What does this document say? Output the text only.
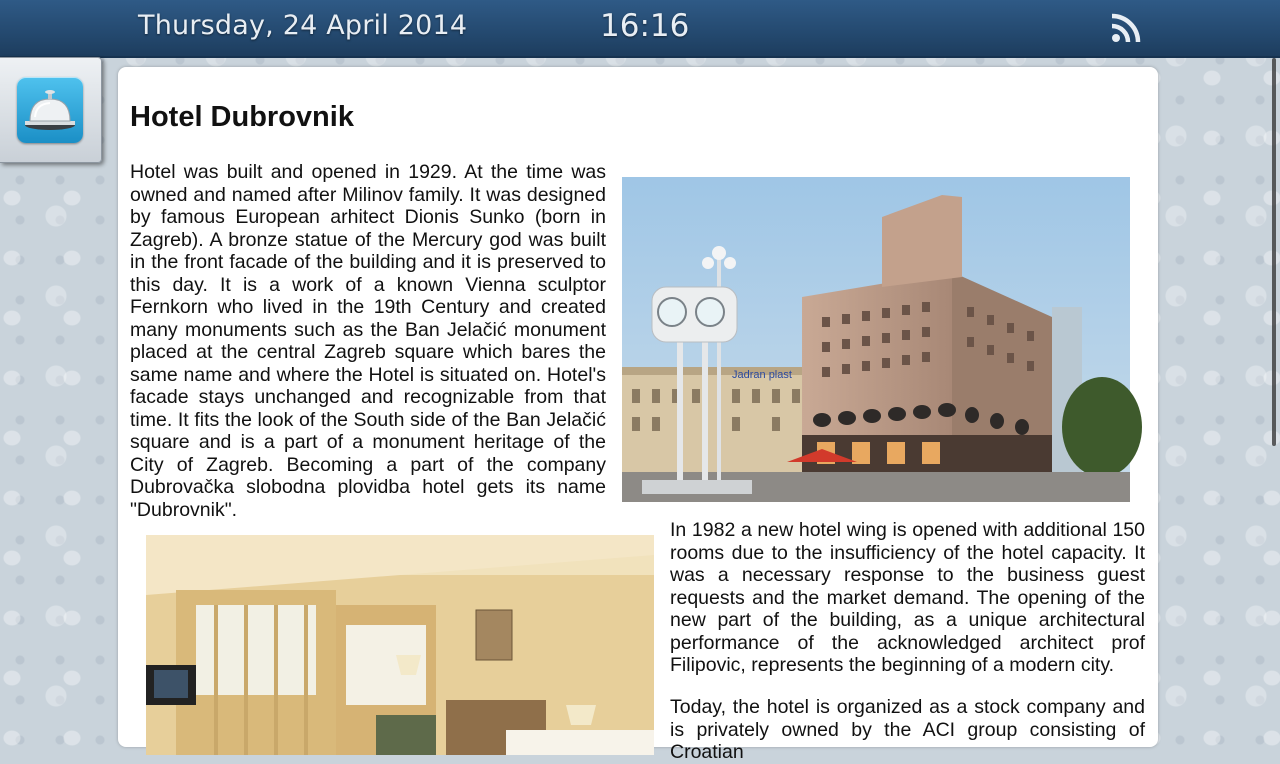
Thursday, 24 April 2014	16:16
Hotel Dubrovnik

Hotel was built and opened in 1929. At the time was owned and named after Milinov family. It was designed by famous European arhitect Dionis Sunko (born in Zagreb). A bronze statue of the Mercury god was built in the front facade of the building and it is preserved to this day. It is a work of a known Vienna sculptor Fernkorn who lived in the 19th Century and created many monuments such as the Ban Jelačić monument placed at the central Zagreb square which bares the same name and where the Hotel is situated on. Hotel's facade stays unchanged and recognizable from that time. It fits the look of the South side of the Ban Jelačić square and is a part of a monument heritage of the City of Zagreb. Becoming a part of the company Dubrovačka slobodna plovidba hotel gets its name "Dubrovnik".

Jadran plast

In 1982 a new hotel wing is opened with additional 150 rooms due to the insufficiency of the hotel capacity. It was a necessary response to the business guest requests and the market demand. The opening of the new part of the building, as a unique architectural performance of the acknowledged architect prof Filipovic, represents the beginning of a modern city.

Today, the hotel is organized as a stock company and is privately owned by the ACI group consisting of Croatian
